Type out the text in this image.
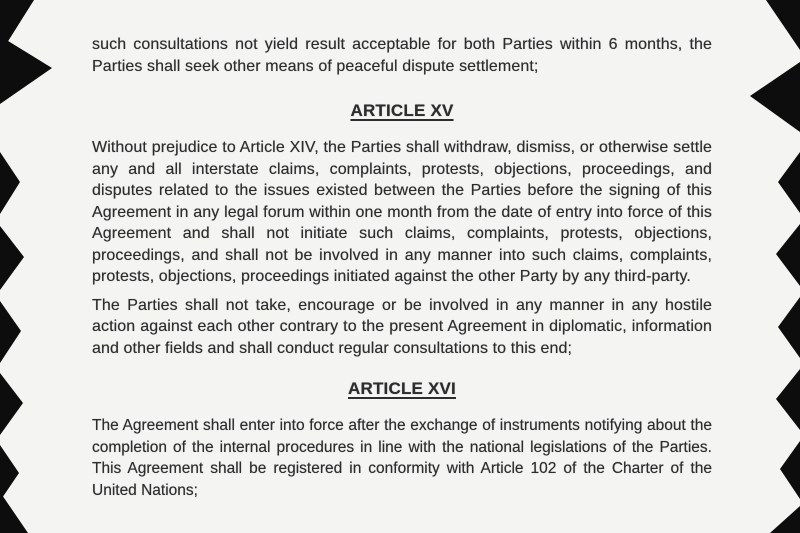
such consultations not yield result acceptable for both Parties within 6 months, the Parties shall seek other means of peaceful dispute settlement;

ARTICLE XV

Without prejudice to Article XIV, the Parties shall withdraw, dismiss, or otherwise settle any and all interstate claims, complaints, protests, objections, proceedings, and disputes related to the issues existed between the Parties before the signing of this Agreement in any legal forum within one month from the date of entry into force of this Agreement and shall not initiate such claims, complaints, protests, objections, proceedings, and shall not be involved in any manner into such claims, complaints, protests, objections, proceedings initiated against the other Party by any third-party.

The Parties shall not take, encourage or be involved in any manner in any hostile action against each other contrary to the present Agreement in diplomatic, information and other fields and shall conduct regular consultations to this end;

ARTICLE XVI

The Agreement shall enter into force after the exchange of instruments notifying about the completion of the internal procedures in line with the national legislations of the Parties. This Agreement shall be registered in conformity with Article 102 of the Charter of the United Nations;
